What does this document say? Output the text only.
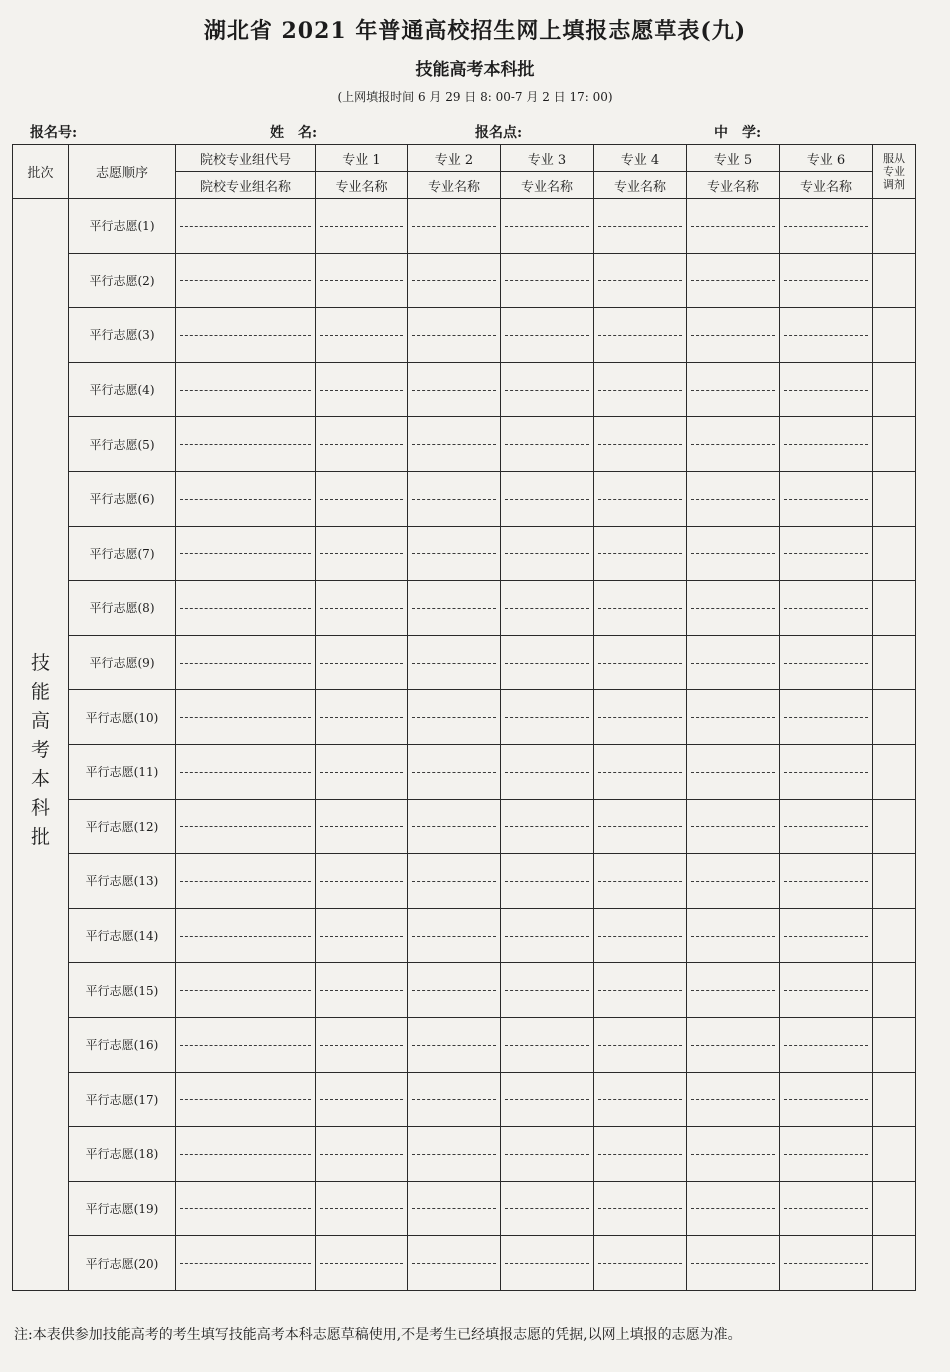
湖北省 2021 年普通高校招生网上填报志愿草表(九)
技能高考本科批
(上网填报时间 6 月 29 日 8: 00-7 月 2 日 17: 00)
报名号:	姓　名:	报名点:	中　学:
批次	志愿顺序	院校专业组代号	专业 1	专业 2	专业 3	专业 4	专业 5	专业 6	服从
专业
调剂

		院校专业组名称	专业名称	专业名称	专业名称	专业名称	专业名称	专业名称	

技能高考本科批	平行志愿(1)	

	平行志愿(2)	

	平行志愿(3)	

	平行志愿(4)	

	平行志愿(5)	

	平行志愿(6)	

	平行志愿(7)	

	平行志愿(8)	

	平行志愿(9)	

	平行志愿(10)	

	平行志愿(11)	

	平行志愿(12)	

	平行志愿(13)	

	平行志愿(14)	

	平行志愿(15)	

	平行志愿(16)	

	平行志愿(17)	

	平行志愿(18)	

	平行志愿(19)	

	平行志愿(20)	

注:本表供参加技能高考的考生填写技能高考本科志愿草稿使用,不是考生已经填报志愿的凭据,以网上填报的志愿为准。
